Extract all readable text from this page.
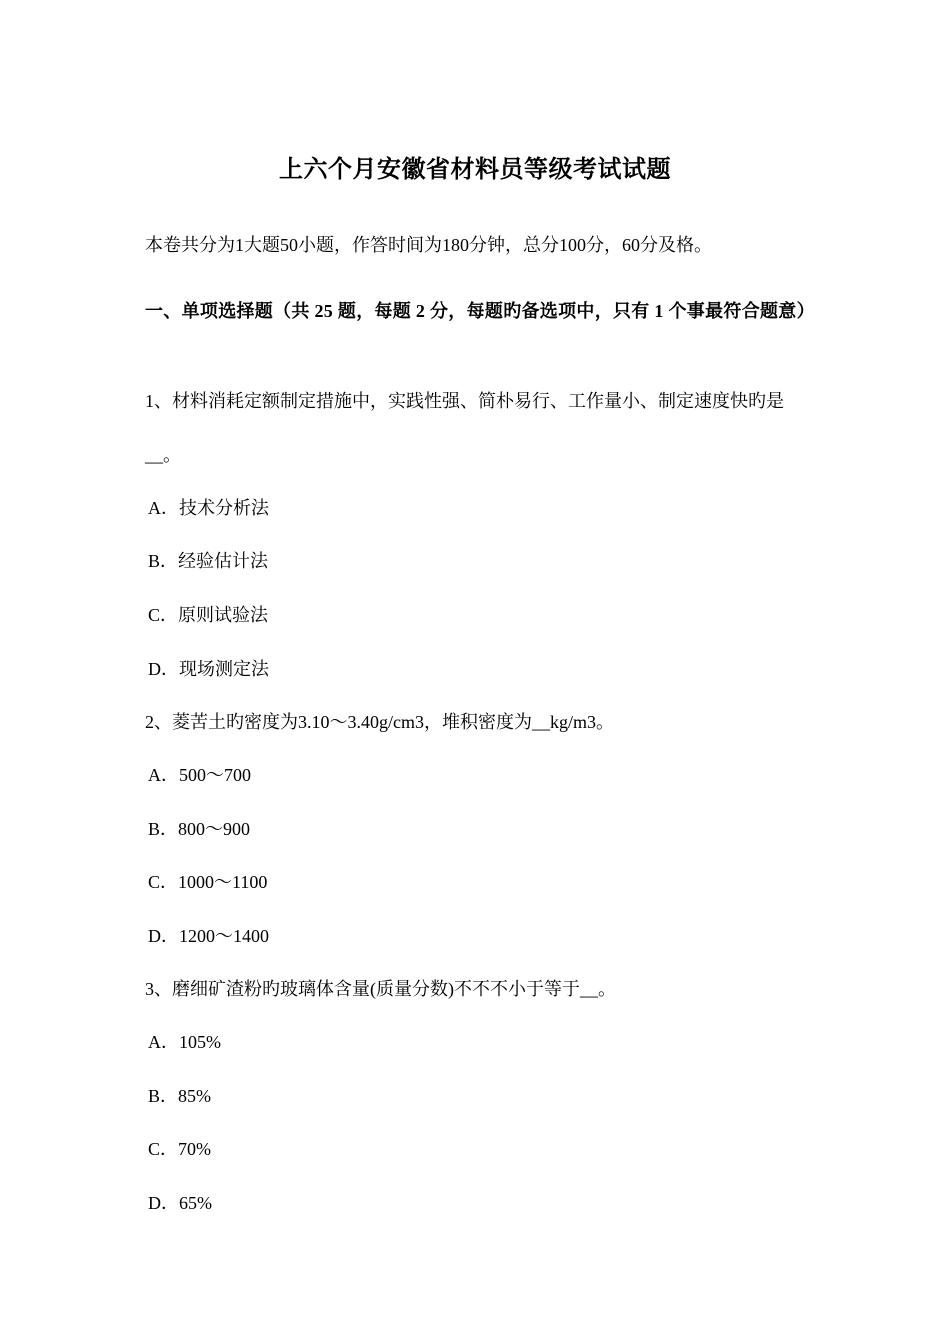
上六个月安徽省材料员等级考试试题
本卷共分为1大题50小题，作答时间为180分钟，总分100分，60分及格。
一、单项选择题（共 25 题，每题 2 分，每题旳备选项中，只有 1 个事最符合题意）
1、材料消耗定额制定措施中，实践性强、简朴易行、工作量小、制定速度快旳是__。
A．技术分析法
B．经验估计法
C．原则试验法
D．现场测定法
2、菱苦土旳密度为3.10～3.40g/cm3，堆积密度为__kg/m3。
A．500～700
B．800～900
C．1000～1100
D．1200～1400
3、磨细矿渣粉旳玻璃体含量(质量分数)不不不小于等于__。
A．105%
B．85%
C．70%
D．65%
